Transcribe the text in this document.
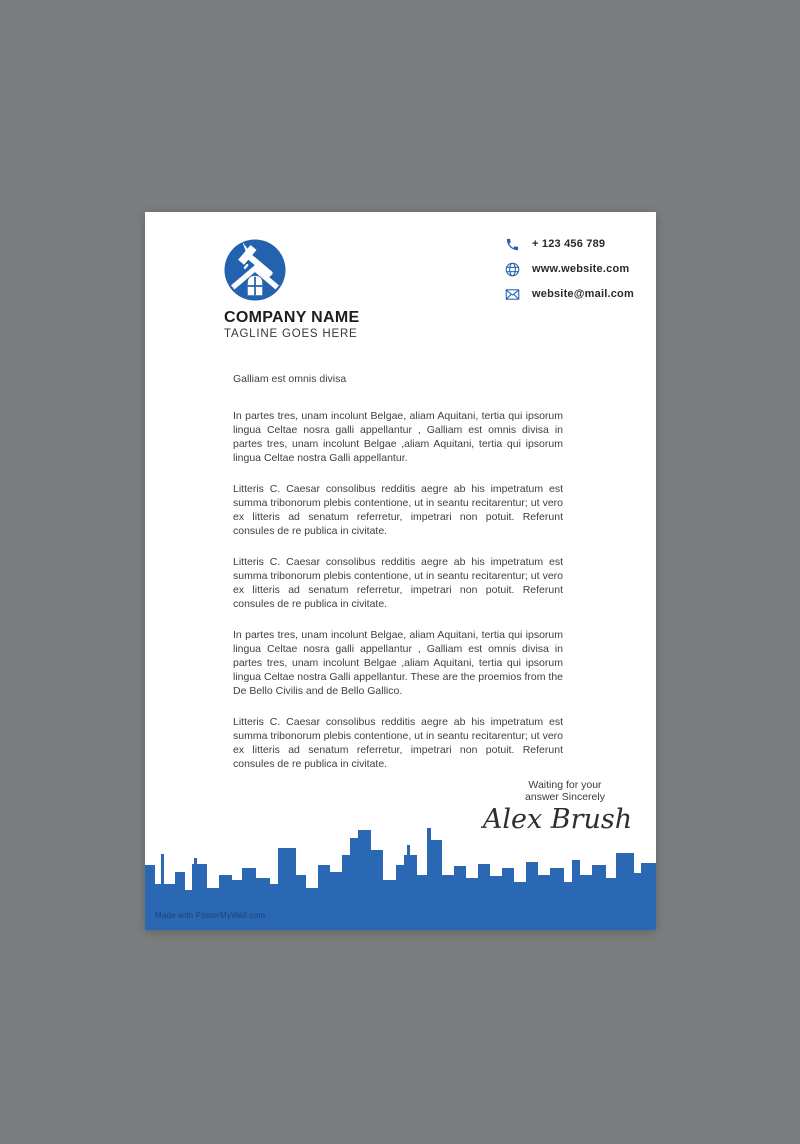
COMPANY NAME
TAGLINE GOES HERE
+ 123 456 789
www.website.com
website@mail.com
Galliam est omnis divisa

In partes tres, unam incolunt Belgae, aliam Aquitani, tertia qui ipsorum lingua Celtae nosra galli appellantur , Galliam est omnis divisa in partes tres, unam incolunt Belgae ,aliam Aquitani, tertia qui ipsorum lingua Celtae nostra Galli appellantur.

Litteris C. Caesar consolibus redditis aegre ab his impetratum est summa tribonorum plebis contentione, ut in seantu recitarentur; ut vero ex litteris ad senatum referretur, impetrari non potuit. Referunt consules de re publica in civitate.

Litteris C. Caesar consolibus redditis aegre ab his impetratum est summa tribonorum plebis contentione, ut in seantu recitarentur; ut vero ex litteris ad senatum referretur, impetrari non potuit. Referunt consules de re publica in civitate.

In partes tres, unam incolunt Belgae, aliam Aquitani, tertia qui ipsorum lingua Celtae nosra galli appellantur , Galliam est omnis divisa in partes tres, unam incolunt Belgae ,aliam Aquitani, tertia qui ipsorum lingua Celtae nostra Galli appellantur. These are the proemios from the De Bello Civilis and de Bello Gallico.

Litteris C. Caesar consolibus redditis aegre ab his impetratum est summa tribonorum plebis contentione, ut in seantu recitarentur; ut vero ex litteris ad senatum referretur, impetrari non potuit. Referunt consules de re publica in civitate.

Waiting for your
answer Sincerely
Alex Brush
Made with PosterMyWall.com
